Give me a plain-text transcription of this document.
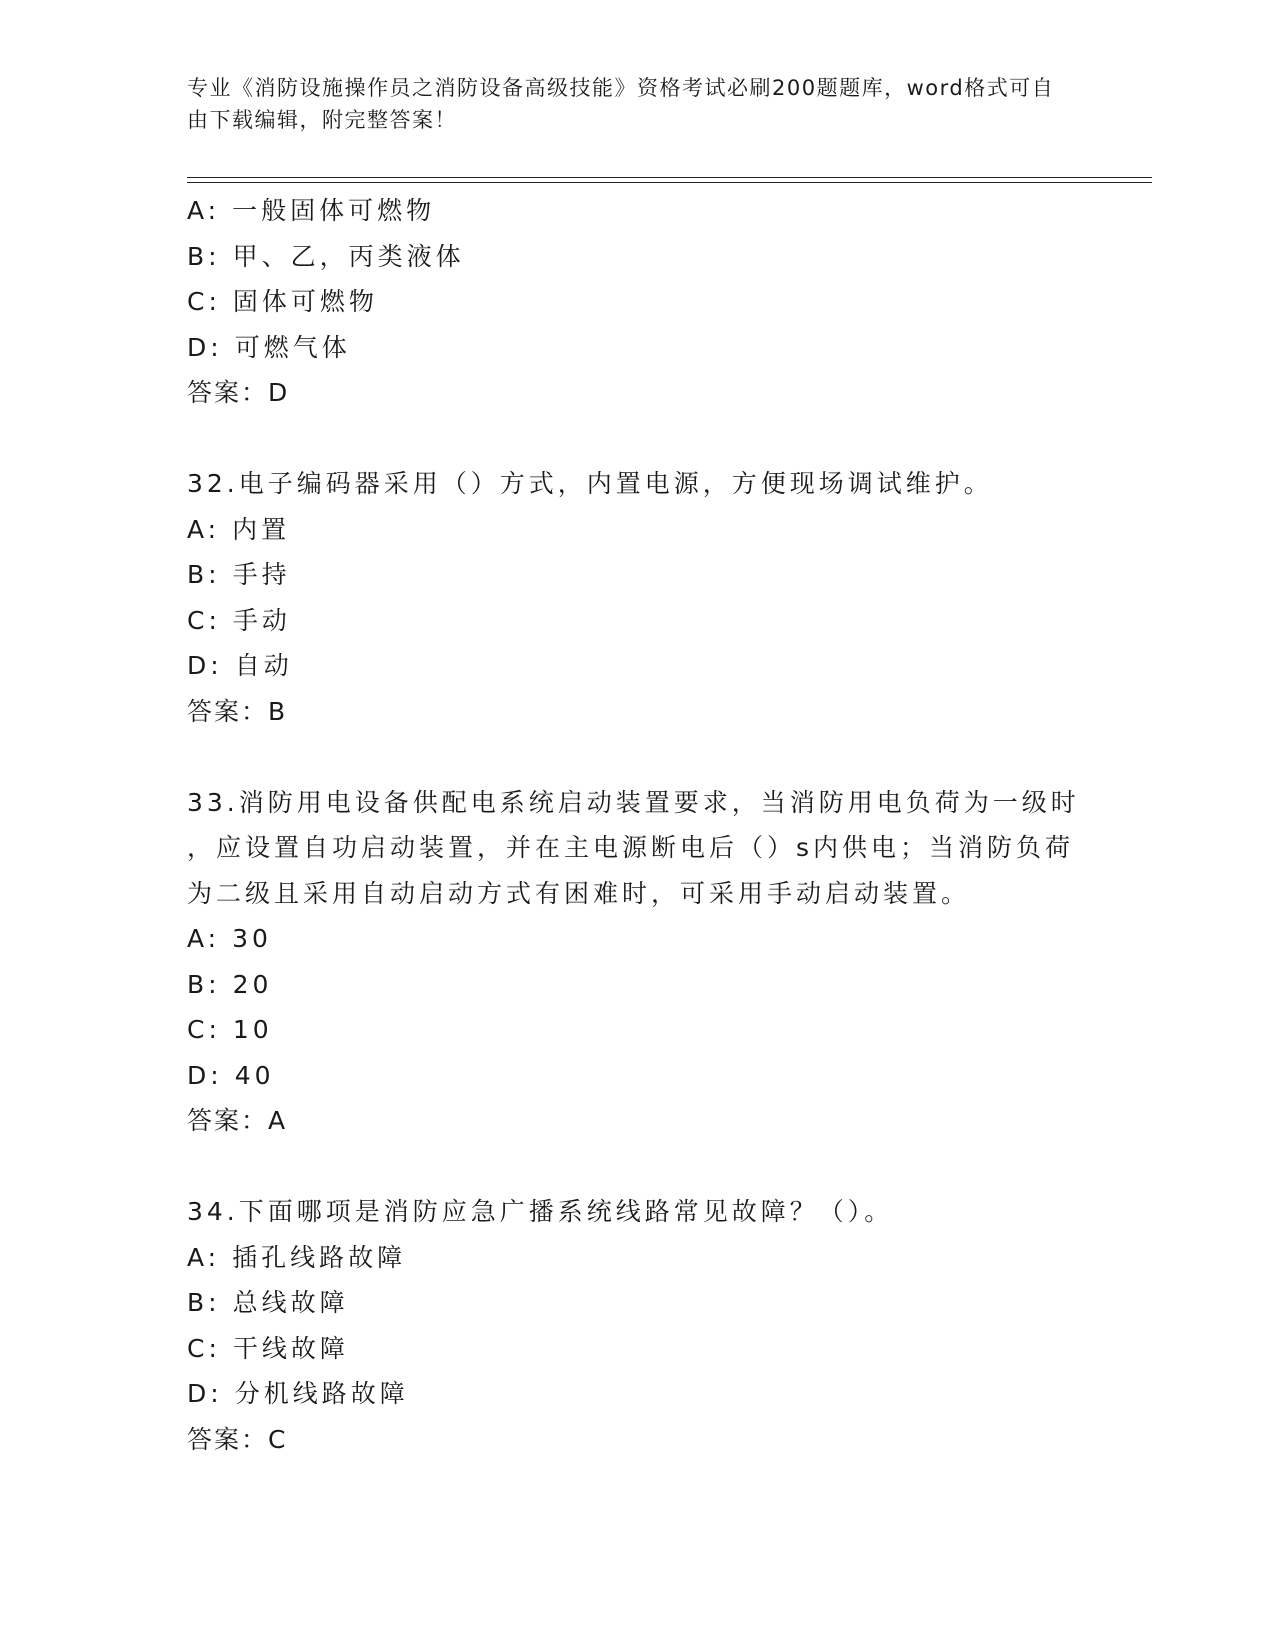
专业《消防设施操作员之消防设备高级技能》资格考试必刷200题题库，word格式可自由下载编辑，附完整答案！
A: 一般固体可燃物
B: 甲、乙，丙类液体
C: 固体可燃物
D: 可燃气体
答案：D
32.电子编码器采用（）方式，内置电源，方便现场调试维护。
A: 内置
B: 手持
C: 手动
D: 自动
答案：B
33.消防用电设备供配电系统启动装置要求，当消防用电负荷为一级时
，应设置自功启动装置，并在主电源断电后（）s内供电；当消防负荷
为二级且采用自动启动方式有困难时，可采用手动启动装置。
A: 30
B: 20
C: 10
D: 40
答案：A
34.下面哪项是消防应急广播系统线路常见故障？（）。
A: 插孔线路故障
B: 总线故障
C: 干线故障
D: 分机线路故障
答案：C
